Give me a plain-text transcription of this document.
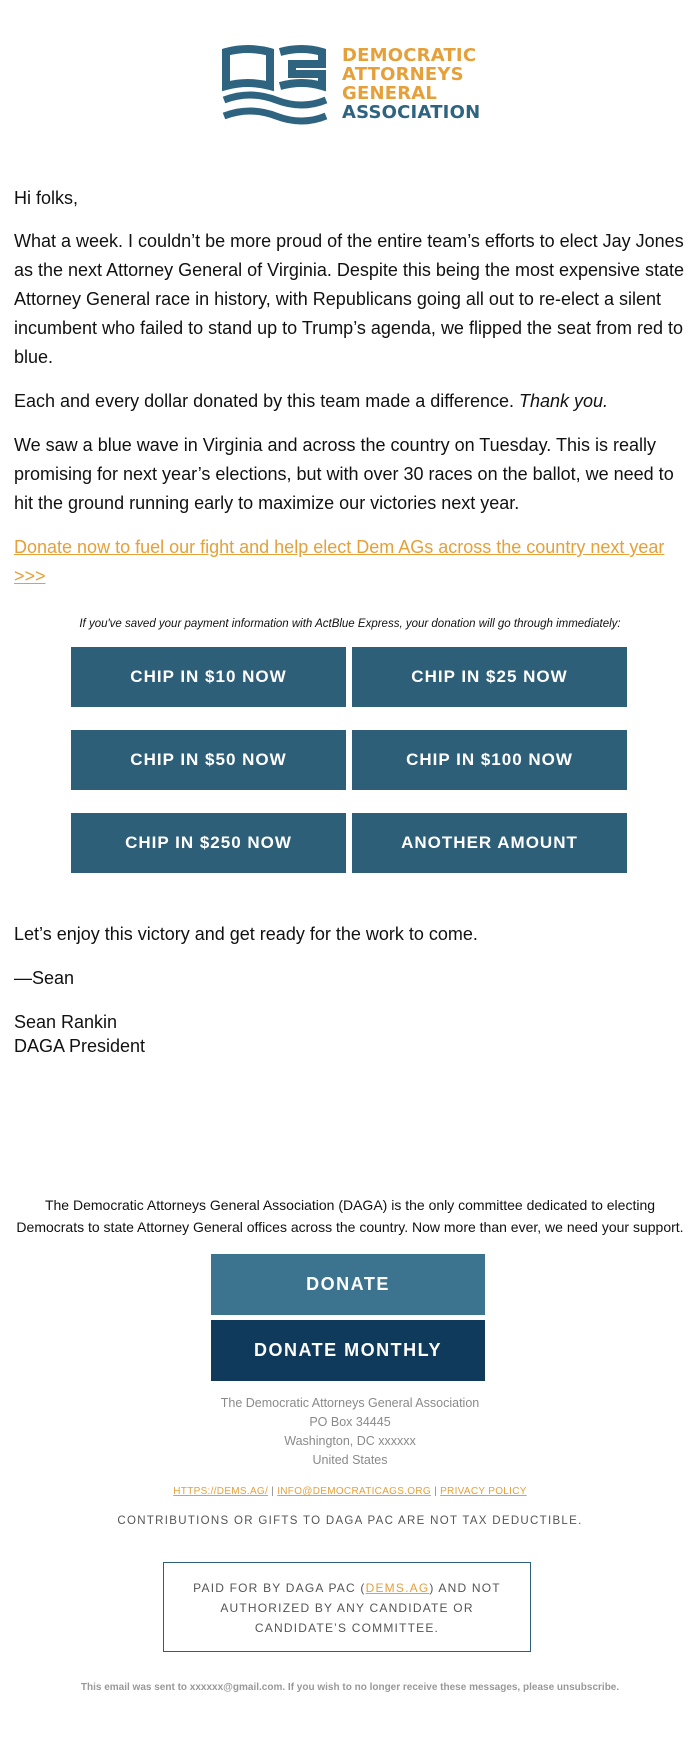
DEMOCRATIC
ATTORNEYS
GENERAL
ASSOCIATION

Hi folks,

What a week. I couldn’t be more proud of the entire team’s efforts to elect Jay Jones as the next Attorney General of Virginia. Despite this being the most expensive state Attorney General race in history, with Republicans going all out to re-elect a silent incumbent who failed to stand up to Trump’s agenda, we flipped the seat from red to blue.

Each and every dollar donated by this team made a difference. Thank you.

We saw a blue wave in Virginia and across the country on Tuesday. This is really promising for next year’s elections, but with over 30 races on the ballot, we need to hit the ground running early to maximize our victories next year.

Donate now to fuel our fight and help elect Dem AGs across the country next year >>>

If you've saved your payment information with ActBlue Express, your donation will go through immediately:
CHIP IN $10 NOW	CHIP IN $25 NOW
CHIP IN $50 NOW	CHIP IN $100 NOW
CHIP IN $250 NOW	ANOTHER AMOUNT

Let’s enjoy this victory and get ready for the work to come.

—Sean

Sean Rankin

DAGA President

The Democratic Attorneys General Association (DAGA) is the only committee dedicated to electing Democrats to state Attorney General offices across the country. Now more than ever, we need your support.
DONATE
DONATE MONTHLY
The Democratic Attorneys General Association
PO Box 34445
Washington, DC xxxxxx
United States
HTTPS://DEMS.AG/ | INFO@DEMOCRATICAGS.ORG | PRIVACY POLICY
CONTRIBUTIONS OR GIFTS TO DAGA PAC ARE NOT TAX DEDUCTIBLE.
PAID FOR BY DAGA PAC (DEMS.AG) AND NOT AUTHORIZED BY ANY CANDIDATE OR CANDIDATE’S COMMITTEE.
This email was sent to xxxxxx@gmail.com. If you wish to no longer receive these messages, please unsubscribe.
